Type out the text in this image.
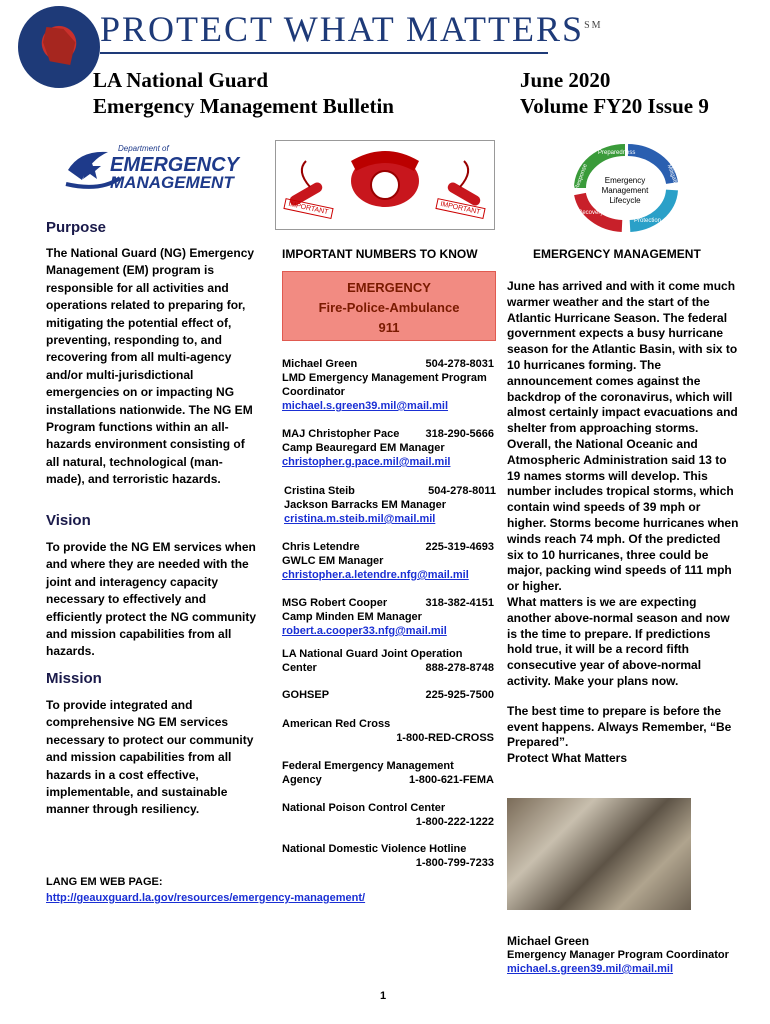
PROTECT WHAT MATTERS℠
LA National Guard
Emergency Management Bulletin
June 2020
Volume FY20 Issue 9
Department of
EMERGENCY
MANAGEMENT
IMPORTANT	IMPORTANT
Emergency Management Lifecycle
Preparedness
Mitigation
Protection
Recovery
Response
Purpose
The National Guard (NG) Emergency Management (EM) program is responsible for all activities and operations related to preparing for, mitigating the potential effect of, preventing, responding to, and recovering from all multi-agency and/or multi-jurisdictional emergencies on or impacting NG installations nationwide. The NG EM Program functions within an all-hazards environment consisting of all natural, technological (man-made), and terroristic hazards.
Vision
To provide the NG EM services when and where they are needed with the joint and interagency capacity necessary to effectively and efficiently protect the NG community and mission capabilities from all hazards.
Mission
To provide integrated and comprehensive NG EM services necessary to protect our community and mission capabilities from all hazards in a cost effective, implementable, and sustainable manner through resiliency.
IMPORTANT NUMBERS TO KNOW
EMERGENCY
Fire-Police-Ambulance
911
Michael Green	504-278-8031
LMD Emergency Management Program
Coordinator
michael.s.green39.mil@mail.mil
MAJ Christopher Pace 318-290-5666
Camp Beauregard EM Manager
christopher.g.pace.mil@mail.mil
Cristina Steib	504-278-8011
Jackson Barracks EM Manager
cristina.m.steib.mil@mail.mil
Chris Letendre	225-319-4693
GWLC EM Manager
christopher.a.letendre.nfg@mail.mil
MSG Robert Cooper	318-382-4151
Camp Minden EM Manager
robert.a.cooper33.nfg@mail.mil
LA National Guard Joint Operation
Center	888-278-8748
GOHSEP	225-925-7500
American Red Cross
1-800-RED-CROSS
Federal Emergency Management
Agency	1-800-621-FEMA
National Poison Control Center
1-800-222-1222
National Domestic Violence Hotline
1-800-799-7233
EMERGENCY MANAGEMENT
June has arrived and with it come much warmer weather and the start of the Atlantic Hurricane Season. The federal government expects a busy hurricane season for the Atlantic Basin, with six to 10 hurricanes forming. The announcement comes against the backdrop of the coronavirus, which will almost certainly impact evacuations and shelter from approaching storms. Overall, the National Oceanic and Atmospheric Administration said 13 to 19 names storms will develop. This number includes tropical storms, which contain wind speeds of 39 mph or higher. Storms become hurricanes when winds reach 74 mph. Of the predicted six to 10 hurricanes, three could be major, packing wind speeds of 111 mph or higher.
What matters is we are expecting another above-normal season and now is the time to prepare. If predictions hold true, it will be a record fifth consecutive year of above-normal activity. Make your plans now.
The best time to prepare is before the event happens. Always Remember, “Be Prepared”.
Protect What Matters
LANG EM WEB PAGE:
http://geauxguard.la.gov/resources/emergency-management/
1
Michael Green
Emergency Manager Program Coordinator
michael.s.green39.mil@mail.mil
